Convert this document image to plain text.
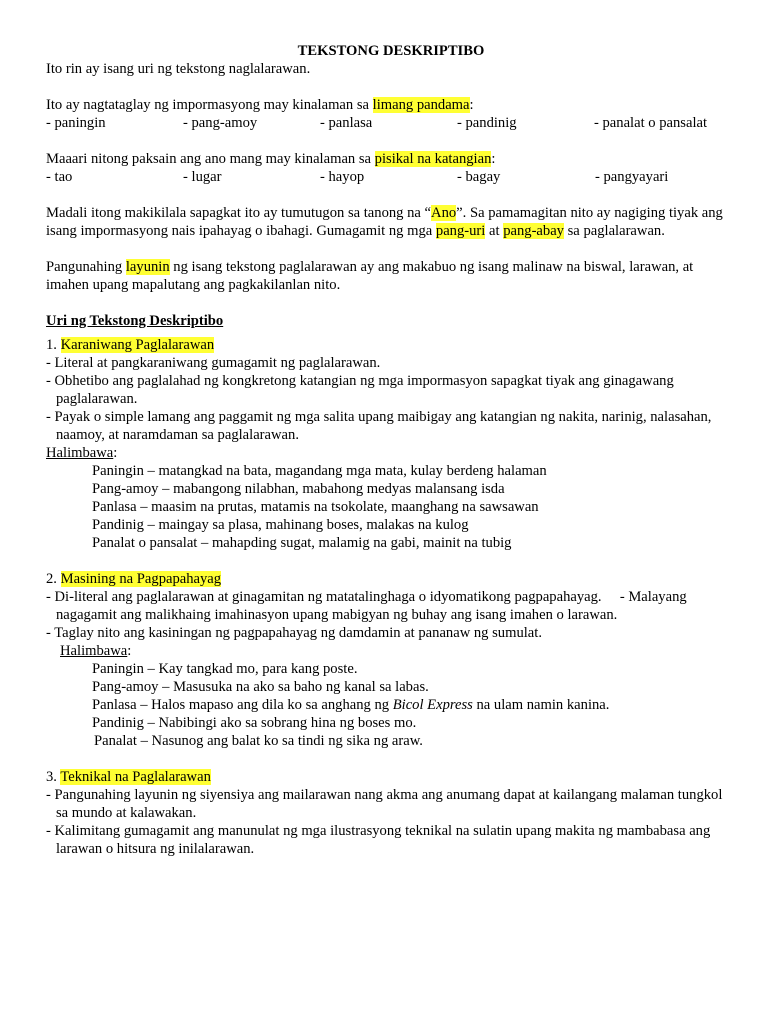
TEKSTONG DESKRIPTIBO

Ito rin ay isang uri ng tekstong naglalarawan.

Ito ay nagtataglay ng impormasyong may kinalaman sa limang pandama:

- paningin	- pang-amoy	- panlasa	- pandinig	- panalat o pansalat

Maaari nitong paksain ang ano mang may kinalaman sa pisikal na katangian:

- tao	- lugar	- hayop	- bagay	- pangyayari

Madali itong makikilala sapagkat ito ay tumutugon sa tanong na “Ano”. Sa pamamagitan nito ay nagiging tiyak ang isang impormasyong nais ipahayag o ibahagi. Gumagamit ng mga pang-uri at pang-abay sa paglalarawan.

Pangunahing layunin ng isang tekstong paglalarawan ay ang makabuo ng isang malinaw na biswal, larawan, at imahen upang mapalutang ang pagkakilanlan nito.

Uri ng Tekstong Deskriptibo

1. Karaniwang Paglalarawan

- Literal at pangkaraniwang gumagamit ng paglalarawan.

- Obhetibo ang paglalahad ng kongkretong katangian ng mga impormasyon sapagkat tiyak ang ginagawang paglalarawan.

- Payak o simple lamang ang paggamit ng mga salita upang maibigay ang katangian ng nakita, narinig, nalasahan, naamoy, at naramdaman sa paglalarawan.

Halimbawa:

Paningin – matangkad na bata, magandang mga mata, kulay berdeng halaman

Pang-amoy – mabangong nilabhan, mabahong medyas malansang isda

Panlasa – maasim na prutas, matamis na tsokolate, maanghang na sawsawan

Pandinig – maingay sa plasa, mahinang boses, malakas na kulog

Panalat o pansalat – mahapding sugat, malamig na gabi, mainit na tubig

2. Masining na Pagpapahayag

- Di-literal ang paglalarawan at ginagamitan ng matatalinghaga o idyomatikong pagpapahayag.     - Malayang nagagamit ang malikhaing imahinasyon upang mabigyan ng buhay ang isang imahen o larawan.

- Taglay nito ang kasiningan ng pagpapahayag ng damdamin at pananaw ng sumulat.

Halimbawa:

Paningin – Kay tangkad mo, para kang poste.

Pang-amoy – Masusuka na ako sa baho ng kanal sa labas.

Panlasa – Halos mapaso ang dila ko sa anghang ng Bicol Express na ulam namin kanina.

Pandinig – Nabibingi ako sa sobrang hina ng boses mo.

Panalat – Nasunog ang balat ko sa tindi ng sika ng araw.

3. Teknikal na Paglalarawan

- Pangunahing layunin ng siyensiya ang mailarawan nang akma ang anumang dapat at kailangang malaman tungkol sa mundo at kalawakan.

- Kalimitang gumagamit ang manunulat ng mga ilustrasyong teknikal na sulatin upang makita ng mambabasa ang larawan o hitsura ng inilalarawan.
